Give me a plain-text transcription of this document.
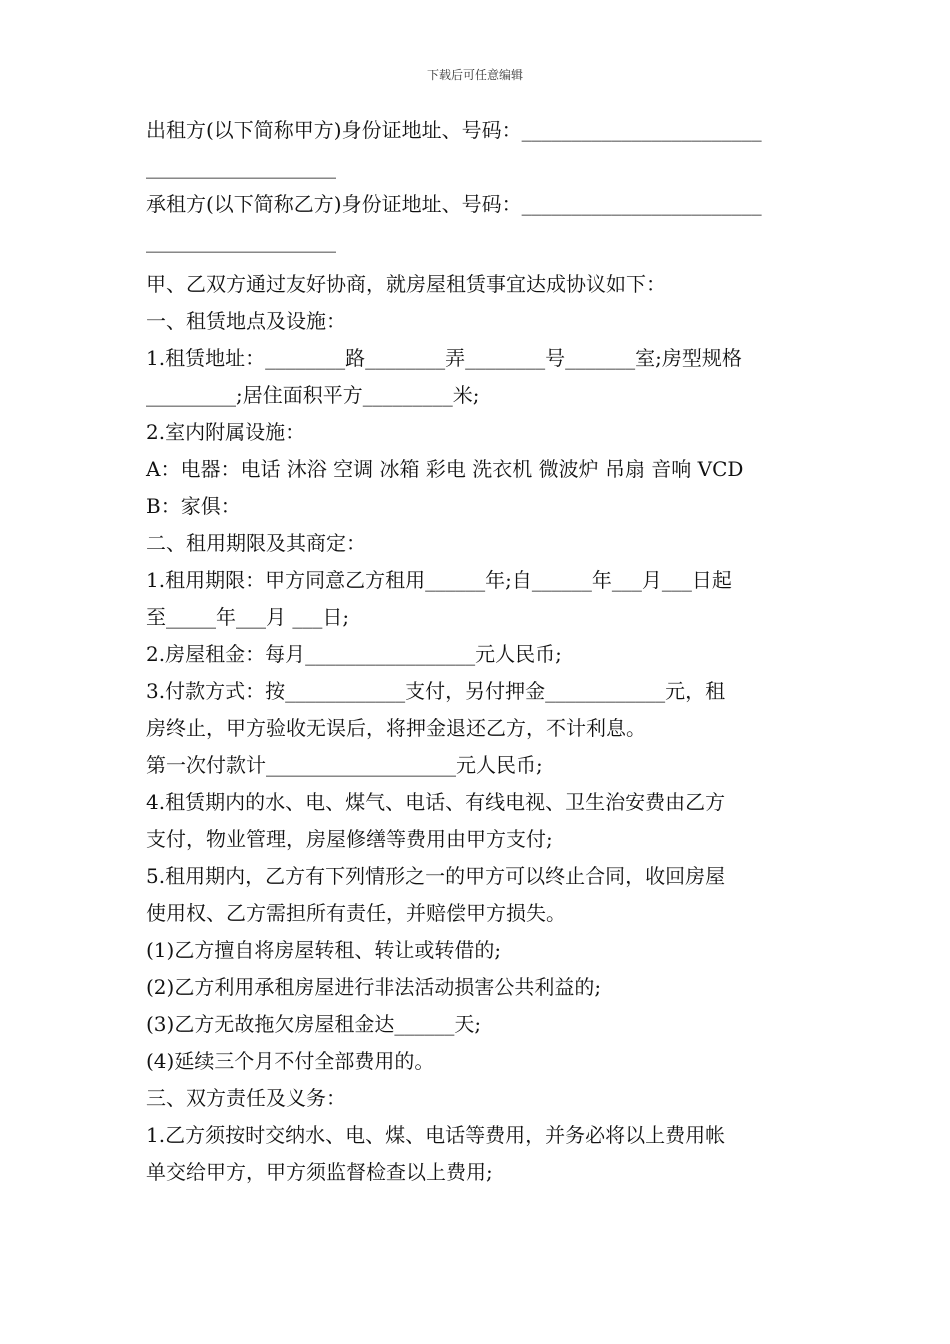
下载后可任意编辑
出租方(以下简称甲方)身份证地址、号码：________________________
___________________
承租方(以下简称乙方)身份证地址、号码：________________________
___________________
甲、乙双方通过友好协商，就房屋租赁事宜达成协议如下：
一、租赁地点及设施：
1.租赁地址：________路________弄________号_______室;房型规格
_________;居住面积平方_________米;
2.室内附属设施：
A：电器：电话 沐浴 空调 冰箱 彩电 洗衣机 微波炉 吊扇 音响 VCD
B：家俱：
二、租用期限及其商定：
1.租用期限：甲方同意乙方租用______年;自______年___月___日起
至_____年___月 ___日;
2.房屋租金：每月_________________元人民币;
3.付款方式：按____________支付，另付押金____________元，租
房终止，甲方验收无误后，将押金退还乙方，不计利息。
第一次付款计___________________元人民币;
4.租赁期内的水、电、煤气、电话、有线电视、卫生治安费由乙方
支付，物业管理，房屋修缮等费用由甲方支付;
5.租用期内，乙方有下列情形之一的甲方可以终止合同，收回房屋
使用权、乙方需担所有责任，并赔偿甲方损失。
(1)乙方擅自将房屋转租、转让或转借的;
(2)乙方利用承租房屋进行非法活动损害公共利益的;
(3)乙方无故拖欠房屋租金达______天;
(4)延续三个月不付全部费用的。
三、双方责任及义务：
1.乙方须按时交纳水、电、煤、电话等费用，并务必将以上费用帐
单交给甲方，甲方须监督检查以上费用;
